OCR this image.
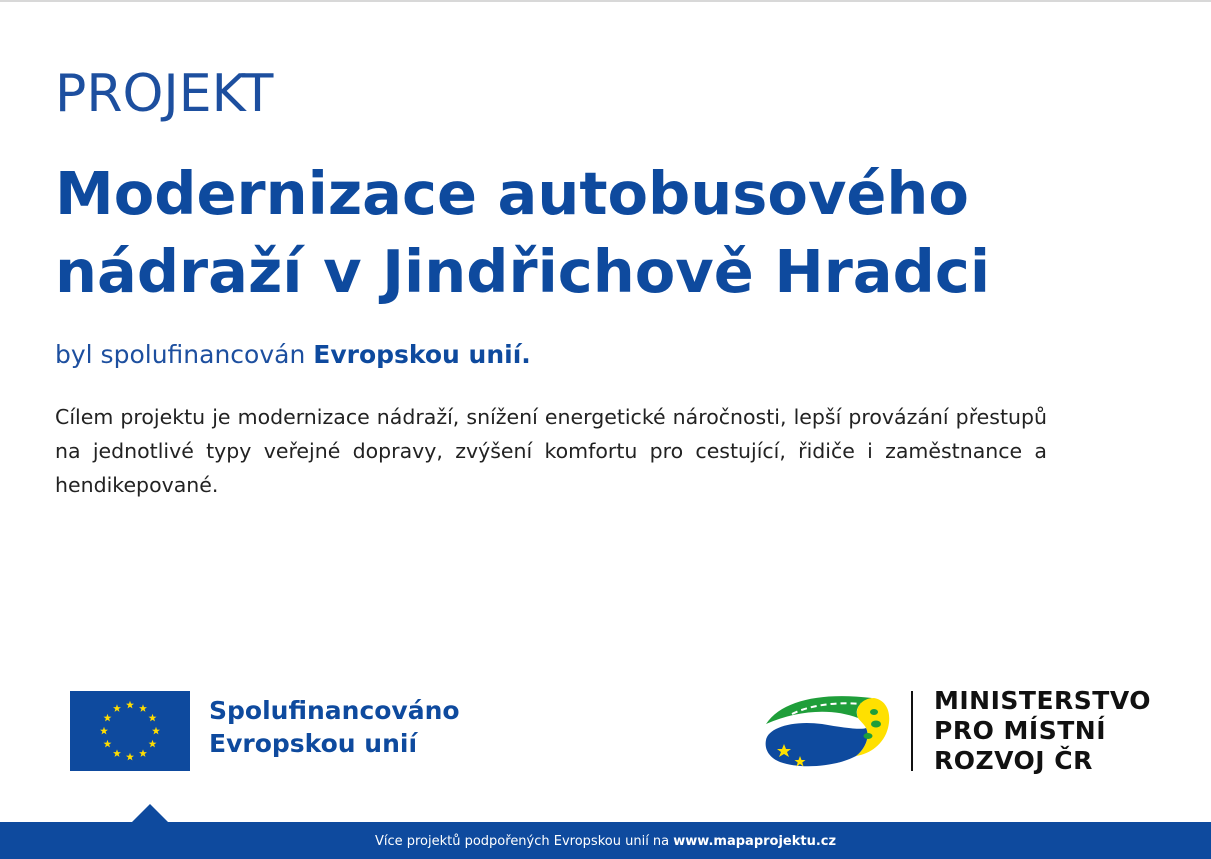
PROJEKT
Modernizace autobusového
nádraží v Jindřichově Hradci

byl spolufinancován Evropskou unií.

Cílem projektu je modernizace nádraží, snížení energetické náročnosti, lepší provázání přestupů na jednotlivé typy veřejné dopravy, zvýšení komfortu pro cestující, řidiče i zaměstnance a hendikepované.

Spolufinancováno
Evropskou unií
MINISTERSTVO
PRO MÍSTNÍ
ROZVOJ ČR
Více projektů podpořených Evropskou unií na www.mapaprojektu.cz
